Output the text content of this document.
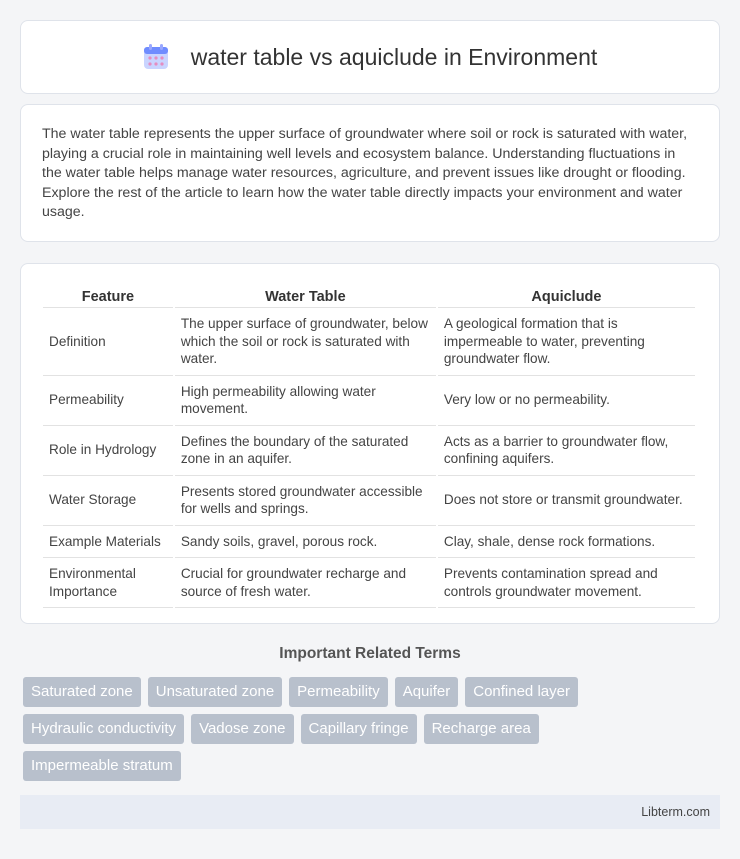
water table vs aquiclude in Environment

The water table represents the upper surface of groundwater where soil or rock is saturated with water, playing a crucial role in maintaining well levels and ecosystem balance. Understanding fluctuations in the water table helps manage water resources, agriculture, and prevent issues like drought or flooding. Explore the rest of the article to learn how the water table directly impacts your environment and water usage.

Feature	Water Table	Aquiclude
Definition	The upper surface of groundwater, below which the soil or rock is saturated with water.	A geological formation that is impermeable to water, preventing groundwater flow.
Permeability	High permeability allowing water movement.	Very low or no permeability.
Role in Hydrology	Defines the boundary of the saturated zone in an aquifer.	Acts as a barrier to groundwater flow, confining aquifers.
Water Storage	Presents stored groundwater accessible for wells and springs.	Does not store or transmit groundwater.
Example Materials	Sandy soils, gravel, porous rock.	Clay, shale, dense rock formations.
Environmental Importance	Crucial for groundwater recharge and source of fresh water.	Prevents contamination spread and controls groundwater movement.
Important Related Terms
Saturated zone	Unsaturated zone	Permeability	Aquifer	Confined layer
Hydraulic conductivity	Vadose zone	Capillary fringe	Recharge area
Impermeable stratum
Libterm.com
